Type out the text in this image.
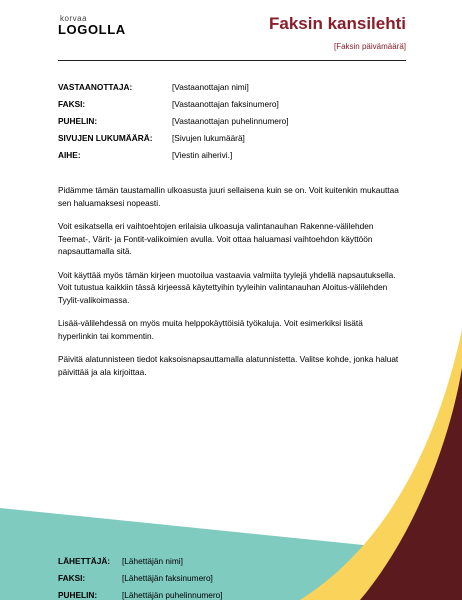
korvaa
LOGOLLA	Faksin kansilehti
[Faksin päivämäärä]
VASTAANOTTAJA:	[Vastaanottajan nimi]
FAKSI:	[Vastaanottajan faksinumero]
PUHELIN:	[Vastaanottajan puhelinnumero]
SIVUJEN LUKUMÄÄRÄ:	[Sivujen lukumäärä]
AIHE:	[Viestin aiherivi.]

Pidämme tämän taustamallin ulkoasusta juuri sellaisena kuin se on. Voit kuitenkin mukauttaa sen haluamaksesi nopeasti.

Voit esikatsella eri vaihtoehtojen erilaisia ulkoasuja valintanauhan Rakenne-välilehden Teemat-, Värit- ja Fontit-valikoimien avulla. Voit ottaa haluamasi vaihtoehdon käyttöön napsauttamalla sitä.

Voit käyttää myös tämän kirjeen muotoilua vastaavia valmiita tyylejä yhdellä napsautuksella. Voit tutustua kaikkiin tässä kirjeessä käytettyihin tyyleihin valintanauhan Aloitus-välilehden Tyylit-valikoimassa.

Lisää-välilehdessä on myös muita helppokäyttöisiä työkaluja. Voit esimerkiksi lisätä hyperlinkin tai kommentin.

Päivitä alatunnisteen tiedot kaksoisnapsauttamalla alatunnistetta. Valitse kohde, jonka haluat päivittää ja ala kirjoittaa.

LÄHETTÄJÄ:	[Lähettäjän nimi]
FAKSI:	[Lähettäjän faksinumero]
PUHELIN:	[Lähettäjän puhelinnumero]
